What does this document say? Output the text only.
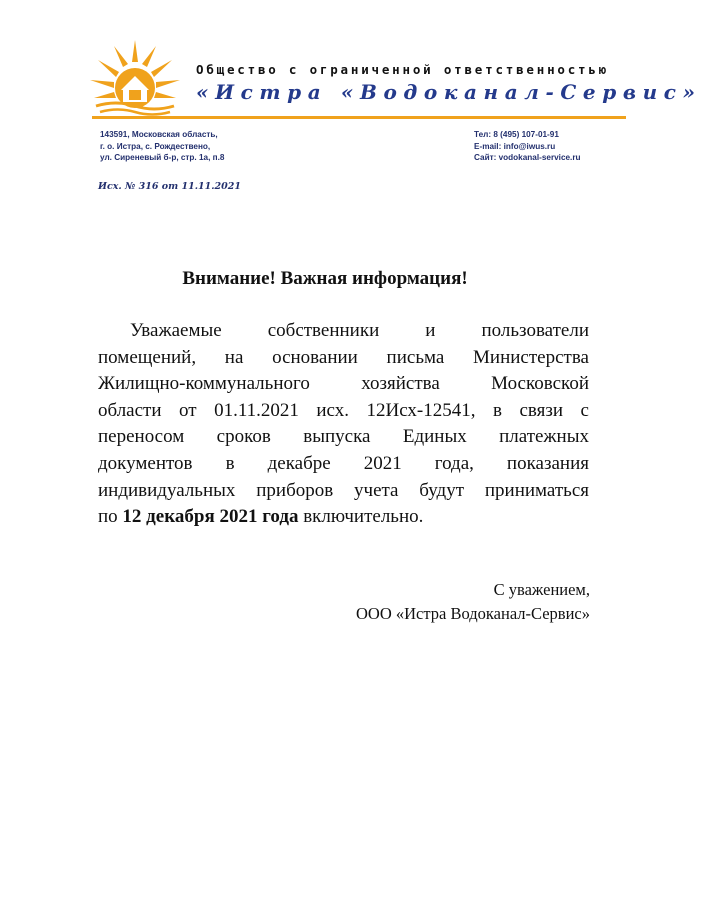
Общество с ограниченной ответственностью
«Истра «Водоканал-Сервис»
143591, Московская область,
г. о. Истра, с. Рождествено,
ул. Сиреневый б-р, стр. 1а, п.8
Тел: 8 (495) 107-01-91
E-mail: info@iwus.ru
Сайт: vodokanal-service.ru
Исх. № 316 от 11.11.2021
Внимание! Важная информация!
Уважаемые собственники и пользователи
помещений, на основании письма Министерства
Жилищно-коммунального хозяйства Московской
области от 01.11.2021 исх. 12Исх-12541, в связи с
переносом сроков выпуска Единых платежных
документов в декабре 2021 года, показания
индивидуальных приборов учета будут приниматься
по 12 декабря 2021 года включительно.
С уважением,
ООО «Истра Водоканал-Сервис»
